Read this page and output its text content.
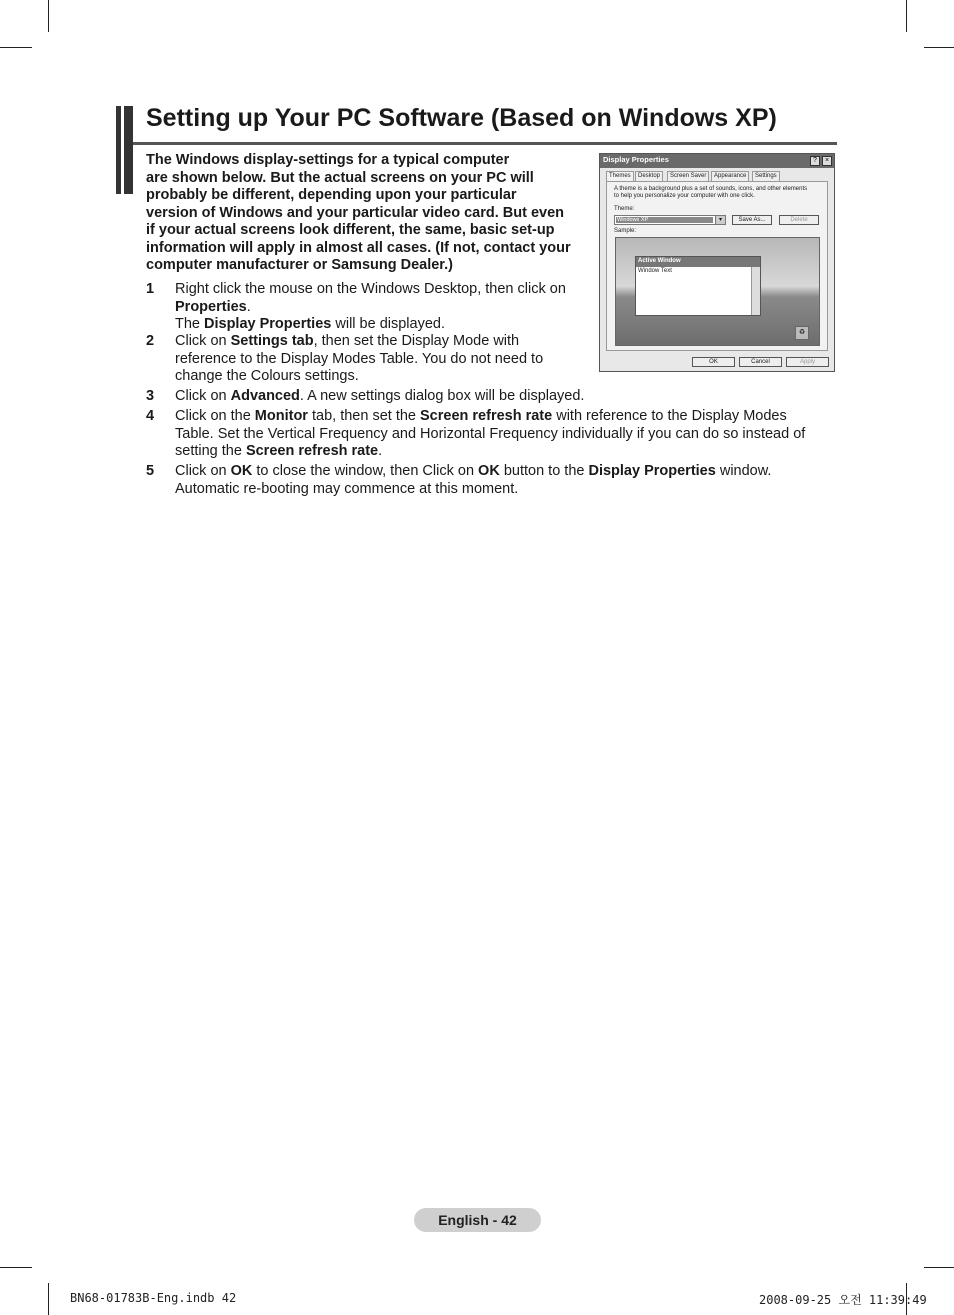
Setting up Your PC Software (Based on Windows XP)
The Windows display-settings for a typical computer
are shown below. But the actual screens on your PC will
probably be different, depending upon your particular
version of Windows and your particular video card. But even
if your actual screens look different, the same, basic set-up
information will apply in almost all cases. (If not, contact your
computer manufacturer or Samsung Dealer.)
1 Right click the mouse on the Windows Desktop, then click on
Properties.
The Display Properties will be displayed.
2 Click on Settings tab, then set the Display Mode with
reference to the Display Modes Table. You do not need to
change the Colours settings.
3 Click on Advanced. A new settings dialog box will be displayed.
4 Click on the Monitor tab, then set the Screen refresh rate with reference to the Display Modes
Table. Set the Vertical Frequency and Horizontal Frequency individually if you can do so instead of
setting the Screen refresh rate.
5 Click on OK to close the window, then Click on OK button to the Display Properties window.
Automatic re-booting may commence at this moment.
Display Properties	?	×
Themes	Desktop	Screen Saver	Appearance	Settings
A theme is a background plus a set of sounds, icons, and other elements
to help you personalize your computer with one click.
Theme:
Windows XP	▾	Save As...	Delete
Sample:
Active Window
Window Text
♻
OK	Cancel	Apply
English - 42
BN68-01783B-Eng.indb 42	2008-09-25 오전 11:39:49
